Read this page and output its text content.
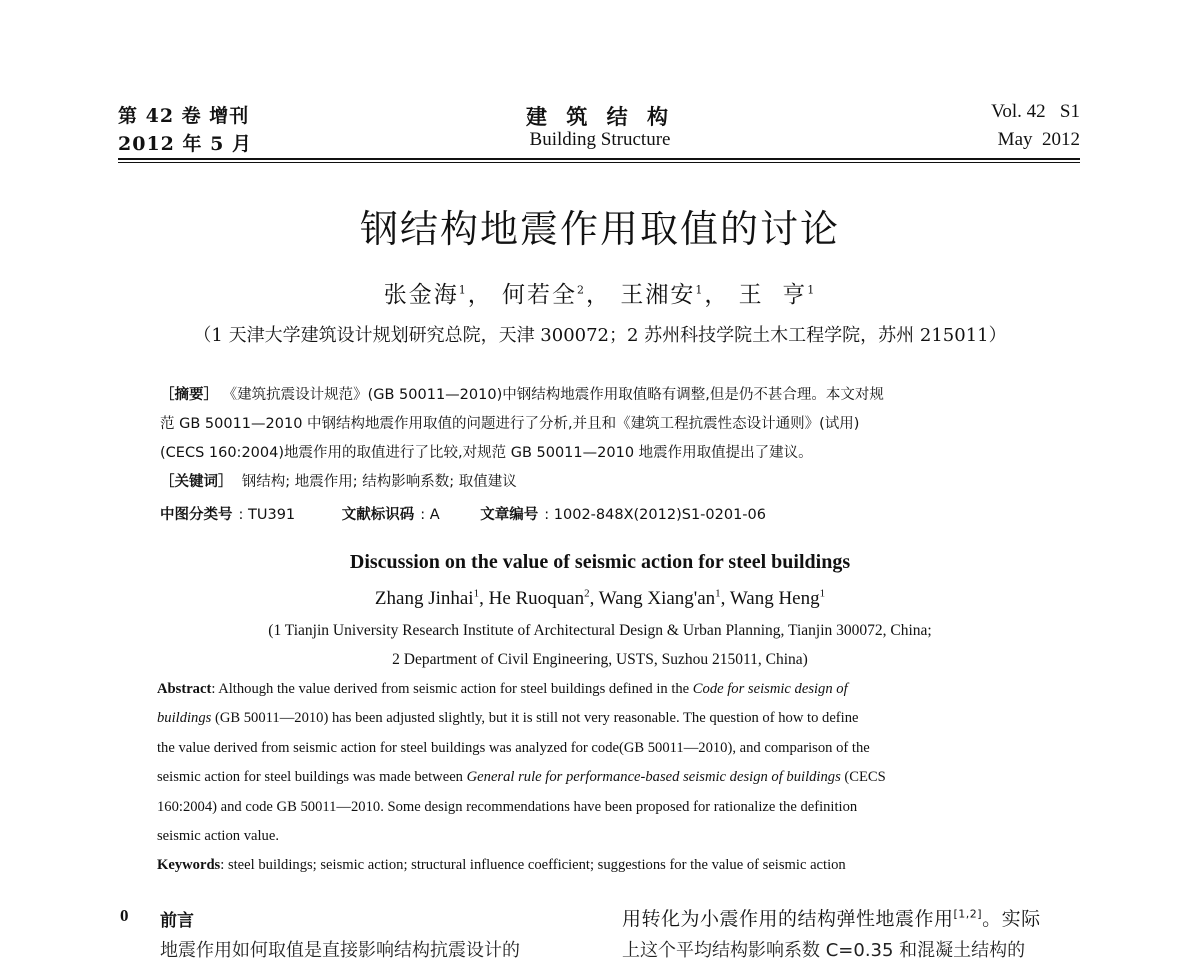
第 42 卷 增刊
2012 年 5 月
建 筑 结 构
Building Structure
Vol. 42   S1
May  2012
钢结构地震作用取值的讨论
张金海$^1$， 何若全$^2$， 王湘安$^1$， 王  亨$^1$
（1 天津大学建筑设计规划研究总院，天津 300072；2 苏州科技学院土木工程学院，苏州 215011）

［摘要］ 《建筑抗震设计规范》(GB 50011—2010)中钢结构地震作用取值略有调整,但是仍不甚合理。本文对规

范 GB 50011—2010 中钢结构地震作用取值的问题进行了分析,并且和《建筑工程抗震性态设计通则》(试用)

(CECS 160:2004)地震作用的取值进行了比较,对规范 GB 50011—2010 地震作用取值提出了建议。

［关键词］ 钢结构; 地震作用; 结构影响系数; 取值建议

中图分类号 : TU391	文献标识码 : A	文章编号 : 1002-848X(2012)S1-0201-06
Discussion on the value of seismic action for steel buildings
Zhang Jinhai$^1$, He Ruoquan$^2$, Wang $Xiang'an^1$, Wang Heng$^1$
(1 Tianjin University Research Institute of Architectural Design & Urban Planning, Tianjin 300072, China;
2 Department of Civil Engineering, USTS, Suzhou 215011, China)

Abstract: Although the value derived from seismic action for steel buildings defined in the Code for seismic design of

buildings (GB 50011—2010) has been adjusted slightly, but it is still not very reasonable. The question of how to define

the value derived from seismic action for steel buildings was analyzed for code(GB 50011—2010), and comparison of the

seismic action for steel buildings was made between General rule for performance-based seismic design of buildings (CECS

160:2004) and code GB 50011—2010. Some design recommendations have been proposed for rationalize the definition

seismic action value.

Keywords: steel buildings; seismic action; structural influence coefficient; suggestions for the value of seismic action
0 前言
地震作用如何取值是直接影响结构抗震设计的
用转化为小震作用的结构弹性地震作用[1,2]。实际
上这个平均结构影响系数 C=0.35 和混凝土结构的
